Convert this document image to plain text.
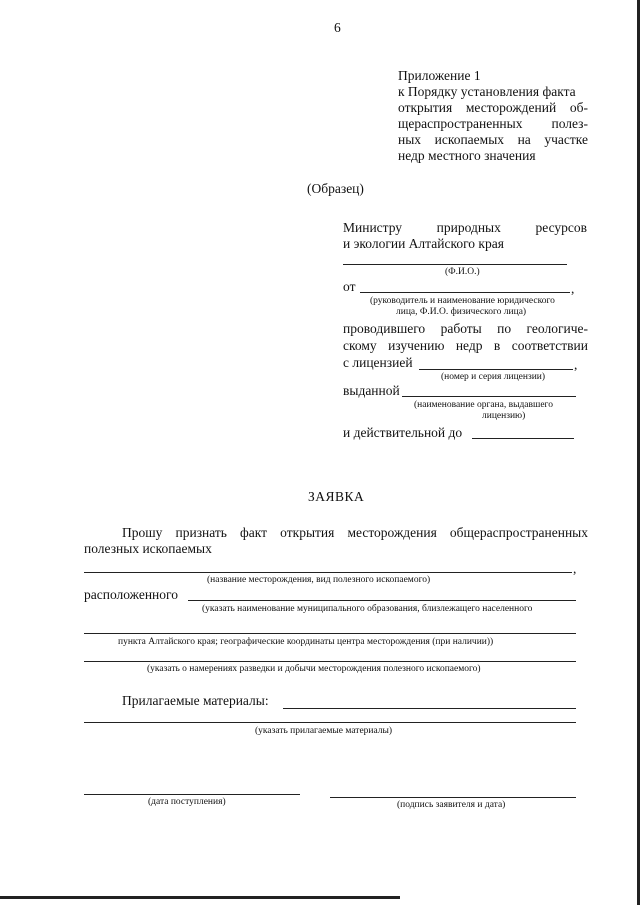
6
Приложение 1
к Порядку установления факта
открытия месторождений об-
щераспространенных полез-
ных ископаемых на участке
недр местного значения
(Образец)
Министру	природных	ресурсов
и экологии Алтайского края
(Ф.И.О.)
от	,
(руководитель и наименование юридического
лица, Ф.И.О. физического лица)
проводившего работы по геологиче-
скому изучению недр в соответствии
с лицензией	,
(номер и серия лицензии)
выданной
(наименование органа, выдавшего
лицензию)
и действительной до
ЗАЯВКА
Прошу признать факт открытия месторождения общераспространенных
полезных ископаемых
,
(название месторождения, вид полезного ископаемого)
расположенного
(указать наименование муниципального образования, близлежащего населенного
пункта Алтайского края; географические координаты центра месторождения (при наличии))
(указать о намерениях разведки и добычи месторождения полезного ископаемого)
Прилагаемые материалы:
(указать прилагаемые материалы)
(дата поступления)	(подпись заявителя и дата)
